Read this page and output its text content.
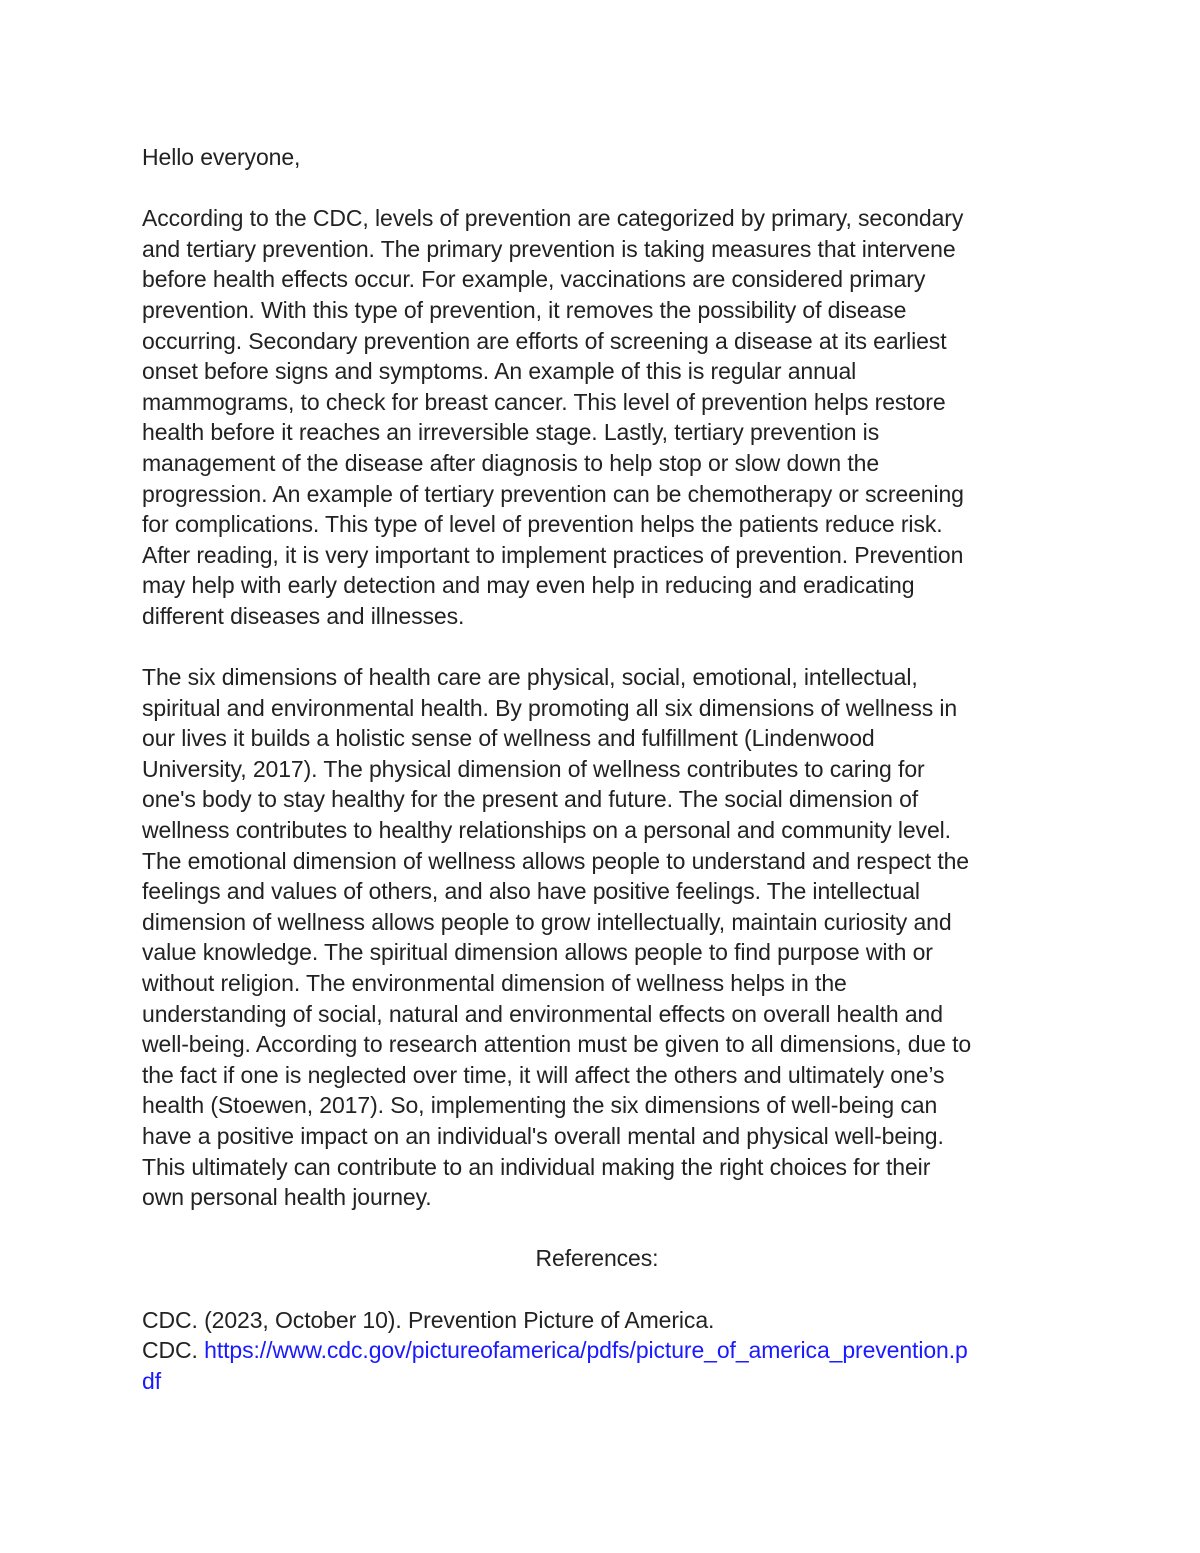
Hello everyone,
According to the CDC, levels of prevention are categorized by primary, secondary
and tertiary prevention. The primary prevention is taking measures that intervene
before health effects occur. For example, vaccinations are considered primary
prevention. With this type of prevention, it removes the possibility of disease
occurring. Secondary prevention are efforts of screening a disease at its earliest
onset before signs and symptoms. An example of this is regular annual
mammograms, to check for breast cancer. This level of prevention helps restore
health before it reaches an irreversible stage. Lastly, tertiary prevention is
management of the disease after diagnosis to help stop or slow down the
progression. An example of tertiary prevention can be chemotherapy or screening
for complications. This type of level of prevention helps the patients reduce risk.
After reading, it is very important to implement practices of prevention. Prevention
may help with early detection and may even help in reducing and eradicating
different diseases and illnesses.
The six dimensions of health care are physical, social, emotional, intellectual,
spiritual and environmental health. By promoting all six dimensions of wellness in
our lives it builds a holistic sense of wellness and fulfillment (Lindenwood
University, 2017). The physical dimension of wellness contributes to caring for
one's body to stay healthy for the present and future. The social dimension of
wellness contributes to healthy relationships on a personal and community level.
The emotional dimension of wellness allows people to understand and respect the
feelings and values of others, and also have positive feelings. The intellectual
dimension of wellness allows people to grow intellectually, maintain curiosity and
value knowledge. The spiritual dimension allows people to find purpose with or
without religion. The environmental dimension of wellness helps in the
understanding of social, natural and environmental effects on overall health and
well-being. According to research attention must be given to all dimensions, due to
the fact if one is neglected over time, it will affect the others and ultimately one’s
health (Stoewen, 2017). So, implementing the six dimensions of well-being can
have a positive impact on an individual's overall mental and physical well-being.
This ultimately can contribute to an individual making the right choices for their
own personal health journey.
References:
CDC. (2023, October 10). Prevention Picture of America.
CDC. https://www.cdc.gov/pictureofamerica/pdfs/picture_of_america_prevention.p
df
